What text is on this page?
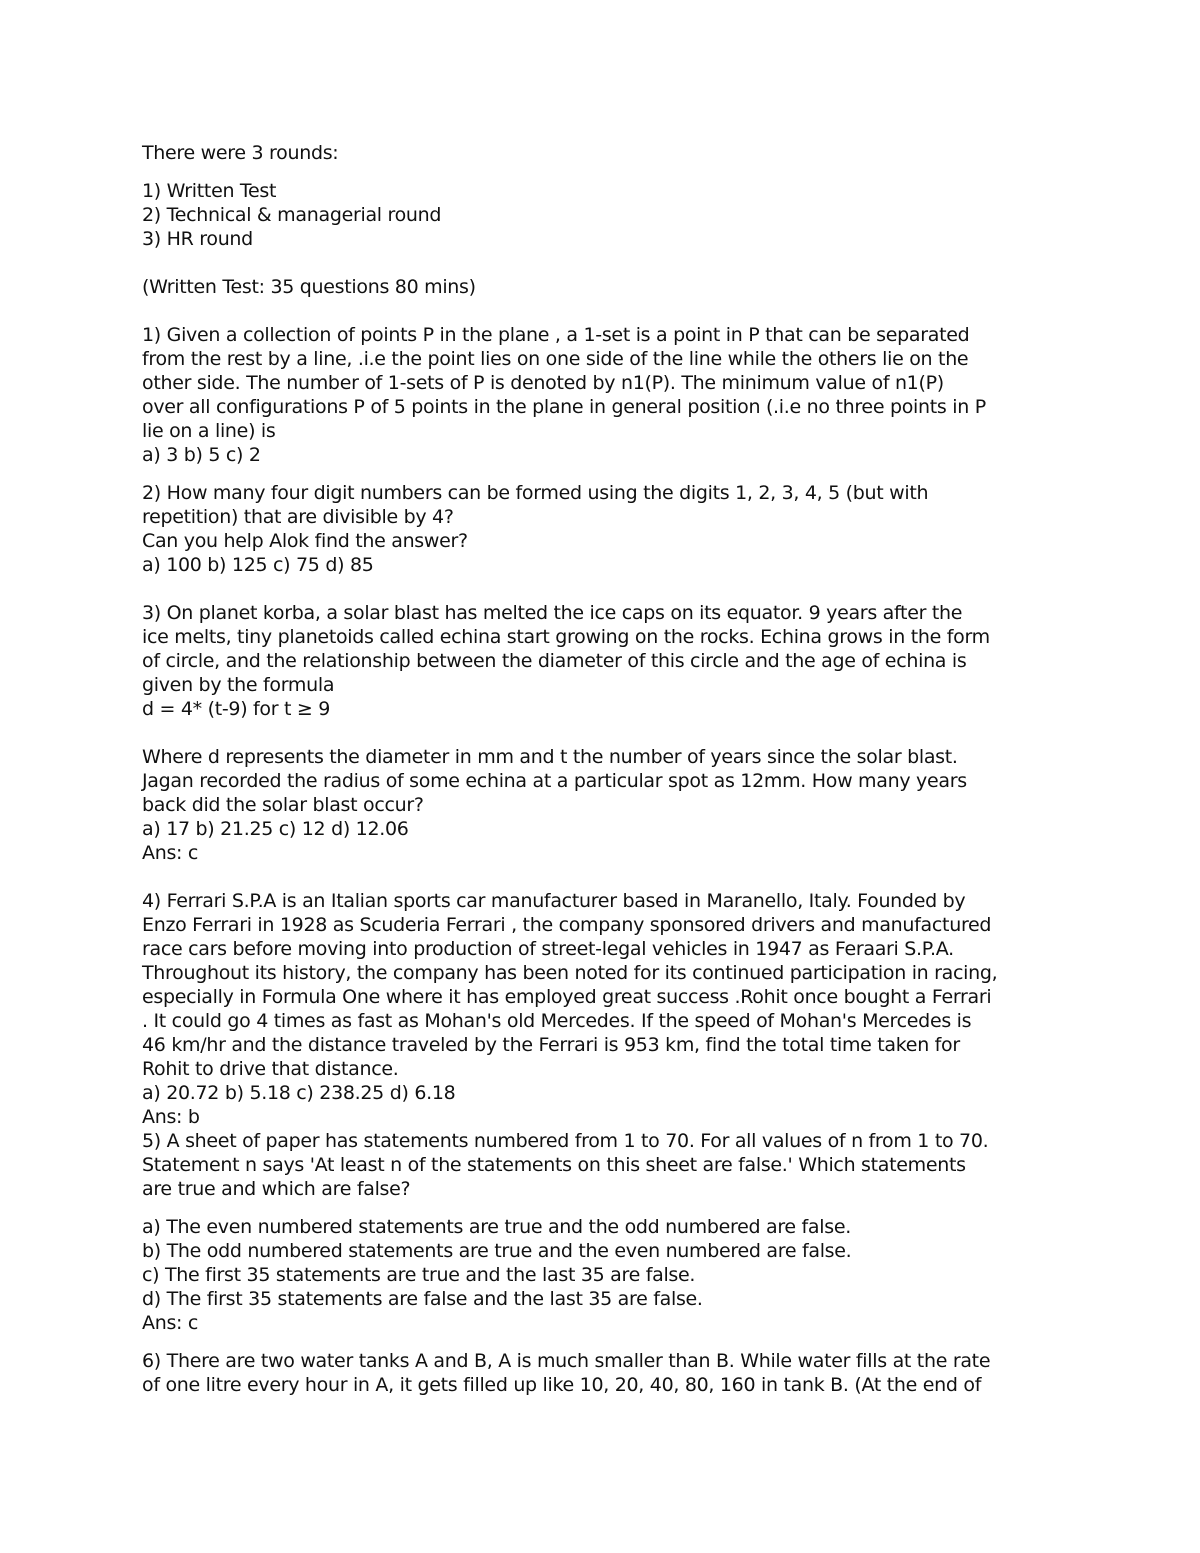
There were 3 rounds:
1) Written Test
2) Technical & managerial round
3) HR round
(Written Test: 35 questions 80 mins)
1) Given a collection of points P in the plane , a 1-set is a point in P that can be separated
from the rest by a line, .i.e the point lies on one side of the line while the others lie on the
other side. The number of 1-sets of P is denoted by n1(P). The minimum value of n1(P)
over all configurations P of 5 points in the plane in general position (.i.e no three points in P
lie on a line) is
a) 3 b) 5 c) 2
2) How many four digit numbers can be formed using the digits 1, 2, 3, 4, 5 (but with
repetition) that are divisible by 4?
Can you help Alok find the answer?
a) 100 b) 125 c) 75 d) 85
3) On planet korba, a solar blast has melted the ice caps on its equator. 9 years after the
ice melts, tiny planetoids called echina start growing on the rocks. Echina grows in the form
of circle, and the relationship between the diameter of this circle and the age of echina is
given by the formula
d = 4* (t-9) for t ≥ 9
Where d represents the diameter in mm and t the number of years since the solar blast.
Jagan recorded the radius of some echina at a particular spot as 12mm. How many years
back did the solar blast occur?
a) 17 b) 21.25 c) 12 d) 12.06
Ans: c
4) Ferrari S.P.A is an Italian sports car manufacturer based in Maranello, Italy. Founded by
Enzo Ferrari in 1928 as Scuderia Ferrari , the company sponsored drivers and manufactured
race cars before moving into production of street-legal vehicles in 1947 as Feraari S.P.A.
Throughout its history, the company has been noted for its continued participation in racing,
especially in Formula One where it has employed great success .Rohit once bought a Ferrari
. It could go 4 times as fast as Mohan's old Mercedes. If the speed of Mohan's Mercedes is
46 km/hr and the distance traveled by the Ferrari is 953 km, find the total time taken for
Rohit to drive that distance.
a) 20.72 b) 5.18 c) 238.25 d) 6.18
Ans: b
5) A sheet of paper has statements numbered from 1 to 70. For all values of n from 1 to 70.
Statement n says 'At least n of the statements on this sheet are false.' Which statements
are true and which are false?
a) The even numbered statements are true and the odd numbered are false.
b) The odd numbered statements are true and the even numbered are false.
c) The first 35 statements are true and the last 35 are false.
d) The first 35 statements are false and the last 35 are false.
Ans: c
6) There are two water tanks A and B, A is much smaller than B. While water fills at the rate
of one litre every hour in A, it gets filled up like 10, 20, 40, 80, 160 in tank B. (At the end of
